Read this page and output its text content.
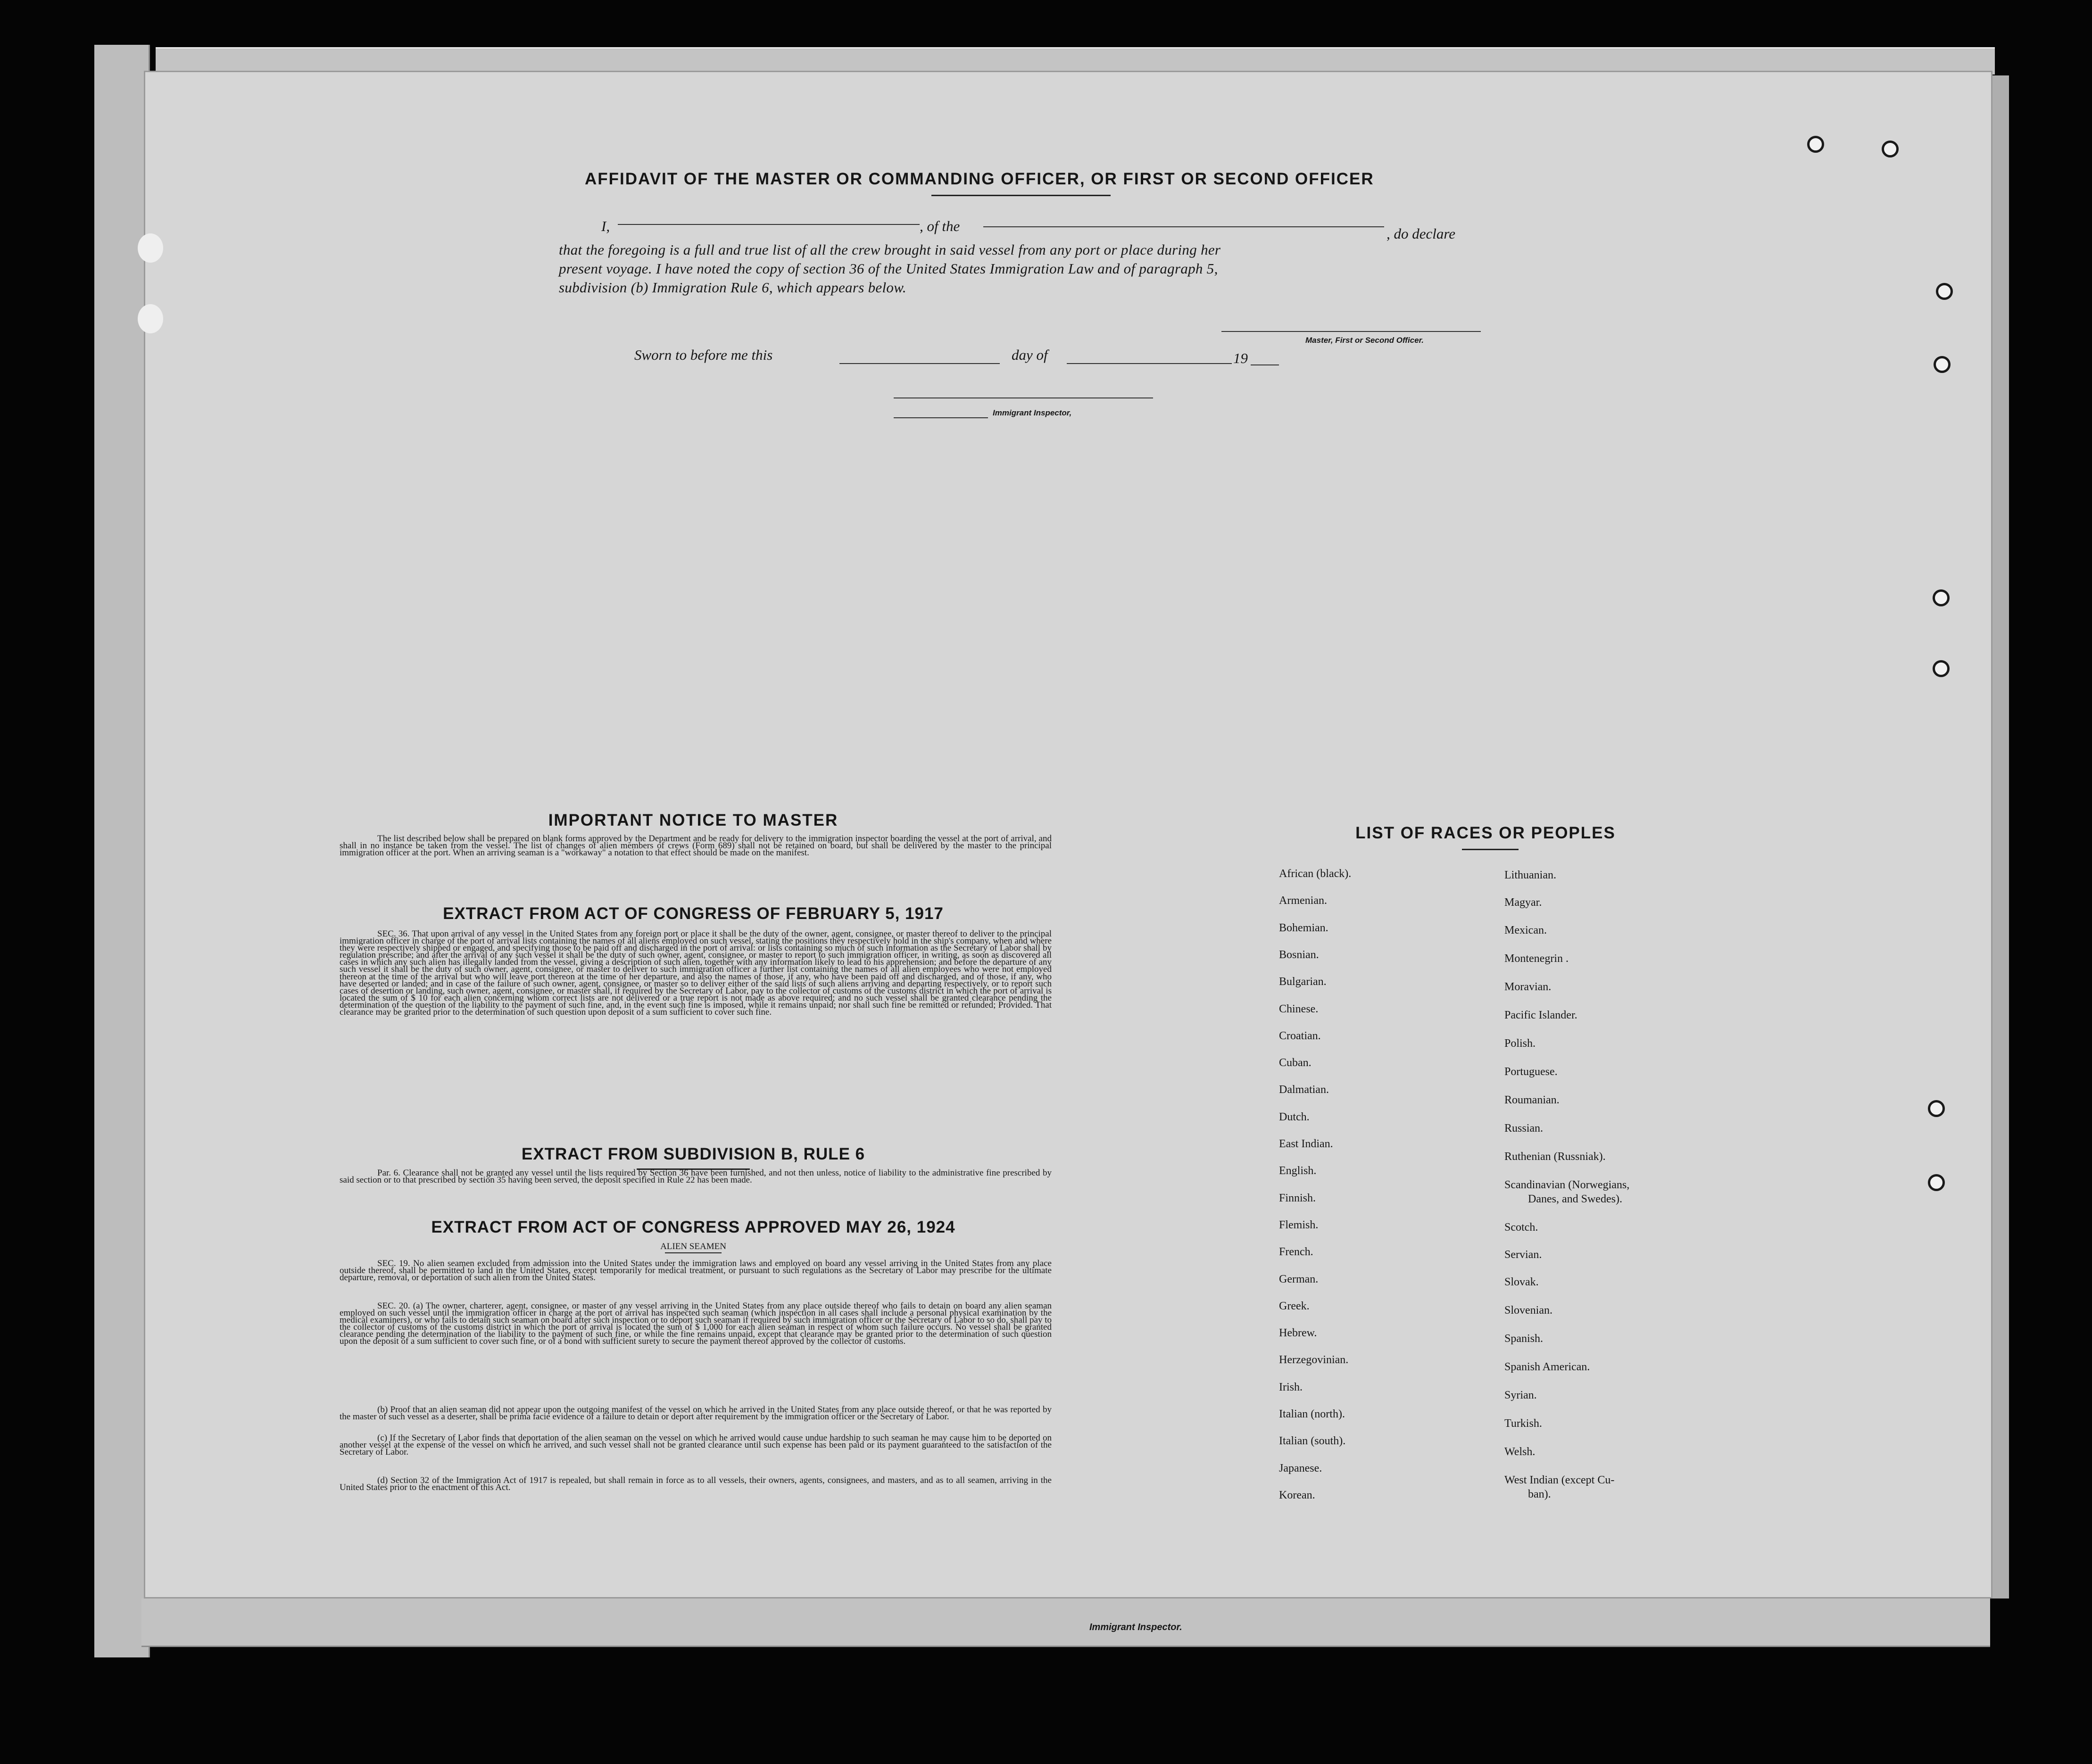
AFFIDAVIT OF THE MASTER OR COMMANDING OFFICER, OR FIRST OR SECOND OFFICER
I,	, of the	, do declare
that the foregoing is a full and true list of all the crew brought in said vessel from any port or place during her
present voyage. I have noted the copy of section 36 of the United States Immigration Law and of paragraph 5,
subdivision (b) Immigration Rule 6, which appears below.
Master, First or Second Officer.
Sworn to before me this	day of	19
Immigrant Inspector,
IMPORTANT NOTICE TO MASTER
The list described below shall be prepared on blank forms approved by the Department and be ready for delivery to the immigration inspector boarding the vessel at the port of arrival, and shall in no instance be taken from the vessel. The list of changes of alien members of crews (Form 689) shall not be retained on board, but shall be delivered by the master to the principal immigration officer at the port. When an arriving seaman is a "workaway" a notation to that effect should be made on the manifest.
EXTRACT FROM ACT OF CONGRESS OF FEBRUARY 5, 1917
SEC. 36. That upon arrival of any vessel in the United States from any foreign port or place it shall be the duty of the owner, agent, consignee, or master thereof to deliver to the principal immigration officer in charge of the port of arrival lists containing the names of all aliens employed on such vessel, stating the positions they respectively hold in the ship's company, when and where they were respectively shipped or engaged, and specifying those to be paid off and discharged in the port of arrival: or lists containing so much of such information as the Secretary of Labor shall by regulation prescribe; and after the arrival of any such vessel it shall be the duty of such owner, agent, consignee, or master to report to such immigration officer, in writing, as soon as discovered all cases in which any such alien has illegally landed from the vessel, giving a description of such alien, together with any information likely to lead to his apprehension; and before the departure of any such vessel it shall be the duty of such owner, agent, consignee, or master to deliver to such immigration officer a further list containing the names of all alien employees who were not employed thereon at the time of the arrival but who will leave port thereon at the time of her departure, and also the names of those, if any, who have been paid off and discharged, and of those, if any, who have deserted or landed; and in case of the failure of such owner, agent, consignee, or master so to deliver either of the said lists of such aliens arriving and departing respectively, or to report such cases of desertion or landing, such owner, agent, consignee, or master shall, if required by the Secretary of Labor, pay to the collector of customs of the customs district in which the port of arrival is located the sum of $ 10 for each alien concerning whom correct lists are not delivered or a true report is not made as above required; and no such vessel shall be granted clearance pending the determination of the question of the liability to the payment of such fine, and, in the event such fine is imposed, while it remains unpaid; nor shall such fine be remitted or refunded; Provided. That clearance may be granted prior to the determination of such question upon deposit of a sum sufficient to cover such fine.
EXTRACT FROM SUBDIVISION B, RULE 6
Par. 6. Clearance shall not be granted any vessel until the lists required by Section 36 have been furnished, and not then unless, notice of liability to the administrative fine prescribed by said section or to that prescribed by section 35 having been served, the deposit specified in Rule 22 has been made.
EXTRACT FROM ACT OF CONGRESS APPROVED MAY 26, 1924
ALIEN SEAMEN
SEC. 19. No alien seamen excluded from admission into the United States under the immigration laws and employed on board any vessel arriving in the United States from any place outside thereof, shall be permitted to land in the United States, except temporarily for medical treatment, or pursuant to such regulations as the Secretary of Labor may prescribe for the ultimate departure, removal, or deportation of such alien from the United States.
SEC. 20. (a) The owner, charterer, agent, consignee, or master of any vessel arriving in the United States from any place outside thereof who fails to detain on board any alien seaman employed on such vessel until the immigration officer in charge at the port of arrival has inspected such seaman (which inspection in all cases shall include a personal physical examination by the medical examiners), or who fails to detain such seaman on board after such inspection or to deport such seaman if required by such immigration officer or the Secretary of Labor to so do, shall pay to the collector of customs of the customs district in which the port of arrival is located the sum of $ 1,000 for each alien seaman in respect of whom such failure occurs. No vessel shall be granted clearance pending the determination of the liability to the payment of such fine, or while the fine remains unpaid, except that clearance may be granted prior to the determination of such question upon the deposit of a sum sufficient to cover such fine, or of a bond with sufficient surety to secure the payment thereof approved by the collector of customs.
(b) Proof that an alien seaman did not appear upon the outgoing manifest of the vessel on which he arrived in the United States from any place outside thereof, or that he was reported by the master of such vessel as a deserter, shall be prima facie evidence of a failure to detain or deport after requirement by the immigration officer or the Secretary of Labor.
(c) If the Secretary of Labor finds that deportation of the alien seaman on the vessel on which he arrived would cause undue hardship to such seaman he may cause him to be deported on another vessel at the expense of the vessel on which he arrived, and such vessel shall not be granted clearance until such expense has been paid or its payment guaranteed to the satisfaction of the Secretary of Labor.
(d) Section 32 of the Immigration Act of 1917 is repealed, but shall remain in force as to all vessels, their owners, agents, consignees, and masters, and as to all seamen, arriving in the United States prior to the enactment of this Act.
LIST OF RACES OR PEOPLES
African (black).
Armenian.
Bohemian.
Bosnian.
Bulgarian.
Chinese.
Croatian.
Cuban.
Dalmatian.
Dutch.
East Indian.
English.
Finnish.
Flemish.
French.
German.
Greek.
Hebrew.
Herzegovinian.
Irish.
Italian (north).
Italian (south).
Japanese.
Korean.
Lithuanian.
Magyar.
Mexican.
Montenegrin .
Moravian.
Pacific Islander.
Polish.
Portuguese.
Roumanian.
Russian.
Ruthenian (Russniak).
Scandinavian (Norwegians,
Danes, and Swedes).
Scotch.
Servian.
Slovak.
Slovenian.
Spanish.
Spanish American.
Syrian.
Turkish.
Welsh.
West Indian (except Cu-
ban).
Immigrant Inspector.
